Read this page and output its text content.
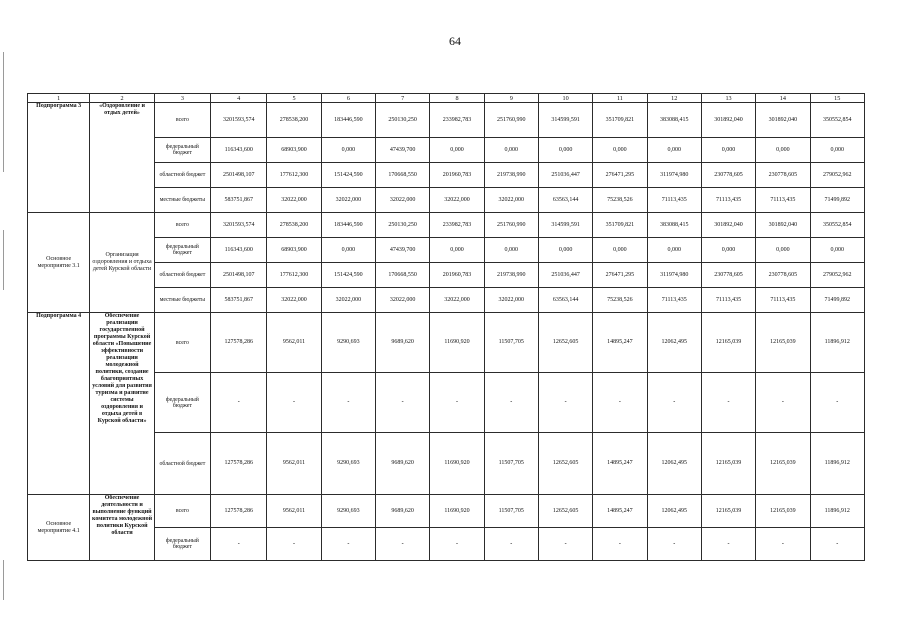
64
1	2	3	4	5	6	7	8	9	10	11	12	13	14	15
Подпрограмма 3	«Оздоровление и отдых детей»	всего	3201593,574	278538,200	183446,590	250130,250	233982,783	251760,990	314599,591	351709,821	383088,415	301892,040	301892,040	350552,854
		федеральный бюджет	116343,600	68903,900	0,000	47439,700	0,000	0,000	0,000	0,000	0,000	0,000	0,000	0,000
		областной бюджет	2501498,107	177612,300	151424,590	170668,550	201960,783	219738,990	251036,447	276471,295	311974,980	230778,605	230778,605	279052,962
		местные бюджеты	583751,867	32022,000	32022,000	32022,000	32022,000	32022,000	63563,144	75238,526	71113,435	71113,435	71113,435	71499,892
Основное мероприятие 3.1	Организация оздоровления и отдыха детей Курской области	всего	3201593,574	278538,200	183446,590	250130,250	233982,783	251760,990	314599,591	351709,821	383088,415	301892,040	301892,040	350552,854
		федеральный бюджет	116343,600	68903,900	0,000	47439,700	0,000	0,000	0,000	0,000	0,000	0,000	0,000	0,000
		областной бюджет	2501498,107	177612,300	151424,590	170668,550	201960,783	219738,990	251036,447	276471,295	311974,980	230778,605	230778,605	279052,962
		местные бюджеты	583751,867	32022,000	32022,000	32022,000	32022,000	32022,000	63563,144	75238,526	71113,435	71113,435	71113,435	71499,892
Подпрограмма 4	Обеспечение реализации государственной программы Курской области «Повышение эффективности реализации молодежной политики, создание благоприятных условий для развития туризма и развитие системы оздоровления и отдыха детей в Курской области»	всего	127578,286	9562,011	9290,693	9689,620	11690,920	11507,705	12652,605	14895,247	12062,495	12165,039	12165,039	11896,912
		федеральный бюджет	-	-	-	-	-	-	-	-	-	-	-	-
		областной бюджет	127578,286	9562,011	9290,693	9689,620	11690,920	11507,705	12652,605	14895,247	12062,495	12165,039	12165,039	11896,912
Основное мероприятие 4.1	Обеспечение деятельности и выполнение функций комитета молодежной политики Курской области	всего	127578,286	9562,011	9290,693	9689,620	11690,920	11507,705	12652,605	14895,247	12062,495	12165,039	12165,039	11896,912
		федеральный бюджет	-	-	-	-	-	-	-	-	-	-	-	-
